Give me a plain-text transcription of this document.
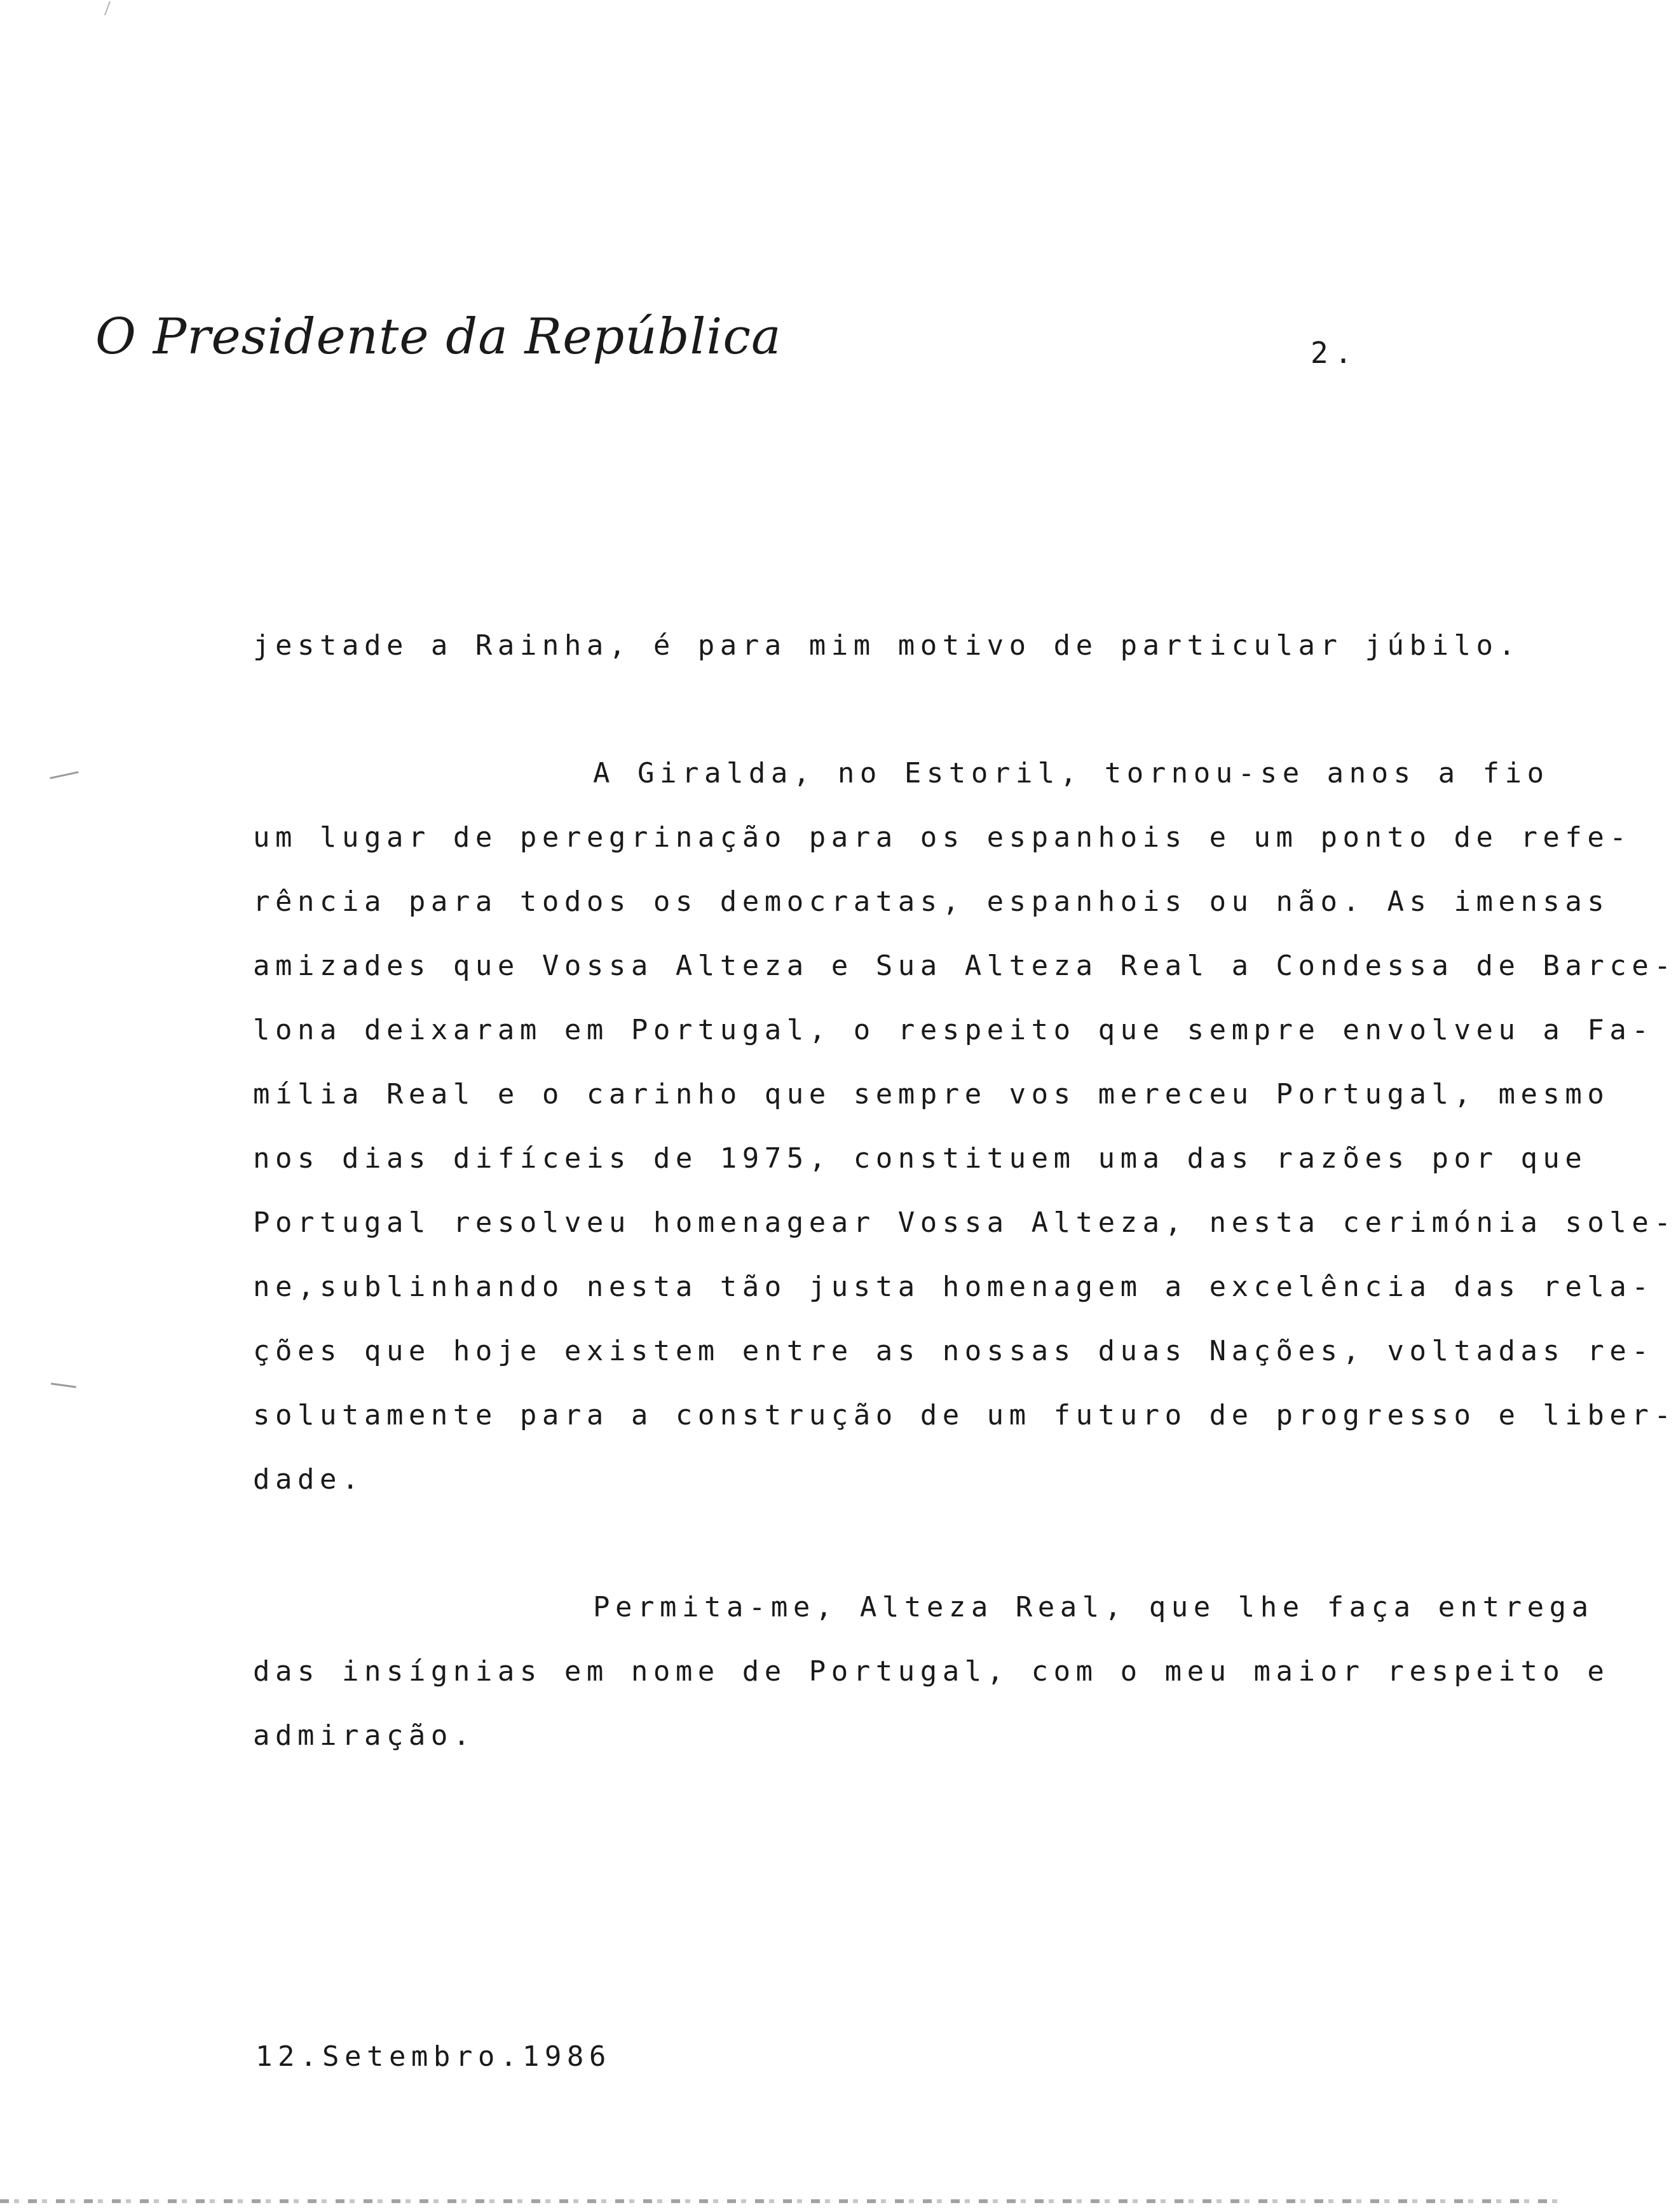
O Presidente da República	2.
jestade a Rainha, é para mim motivo de particular júbilo.
A Giralda, no Estoril, tornou-se anos a fio
um lugar de peregrinação para os espanhois e um ponto de refe-
rência para todos os democratas, espanhois ou não. As imensas
amizades que Vossa Alteza e Sua Alteza Real a Condessa de Barce-
lona deixaram em Portugal, o respeito que sempre envolveu a Fa-
mília Real e o carinho que sempre vos mereceu Portugal, mesmo
nos dias difíceis de 1975, constituem uma das razões por que
Portugal resolveu homenagear Vossa Alteza, nesta cerimónia sole-
ne,sublinhando nesta tão justa homenagem a excelência das rela-
ções que hoje existem entre as nossas duas Nações, voltadas re-
solutamente para a construção de um futuro de progresso e liber-
dade.
Permita-me, Alteza Real, que lhe faça entrega
das insígnias em nome de Portugal, com o meu maior respeito e
admiração.
12.Setembro.1986
